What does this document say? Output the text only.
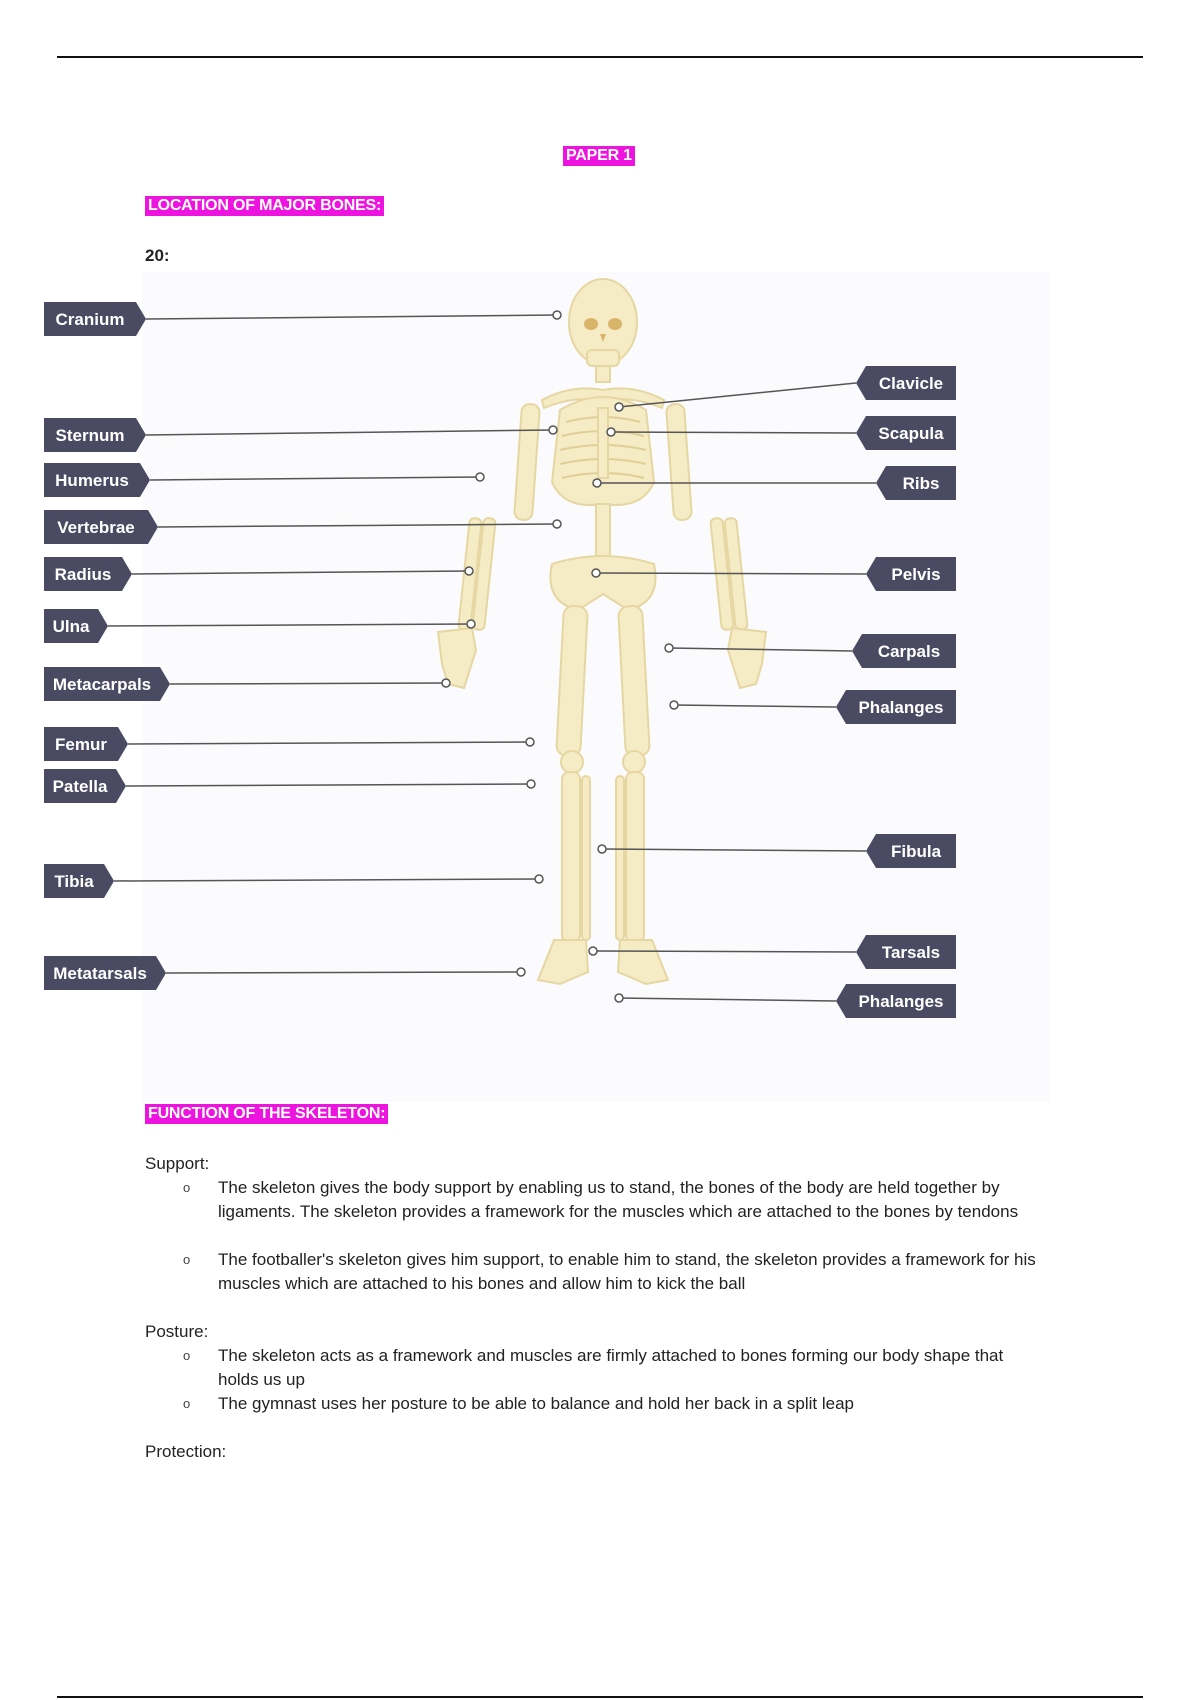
PAPER 1
LOCATION OF MAJOR BONES:
20:
Cranium
Sternum
Humerus
Vertebrae
Radius
Ulna
Metacarpals
Femur
Patella
Tibia
Metatarsals
Clavicle
Scapula
Ribs
Pelvis
Carpals
Phalanges
Fibula
Tarsals
Phalanges
FUNCTION OF THE SKELETON:
Support:
o The skeleton gives the body support by enabling us to stand, the bones of the body are held together by ligaments. The skeleton provides a framework for the muscles which are attached to the bones by tendons
o The footballer's skeleton gives him support, to enable him to stand, the skeleton provides a framework for his muscles which are attached to his bones and allow him to kick the ball
Posture:
o The skeleton acts as a framework and muscles are firmly attached to bones forming our body shape that holds us up
o The gymnast uses her posture to be able to balance and hold her back in a split leap
Protection:
